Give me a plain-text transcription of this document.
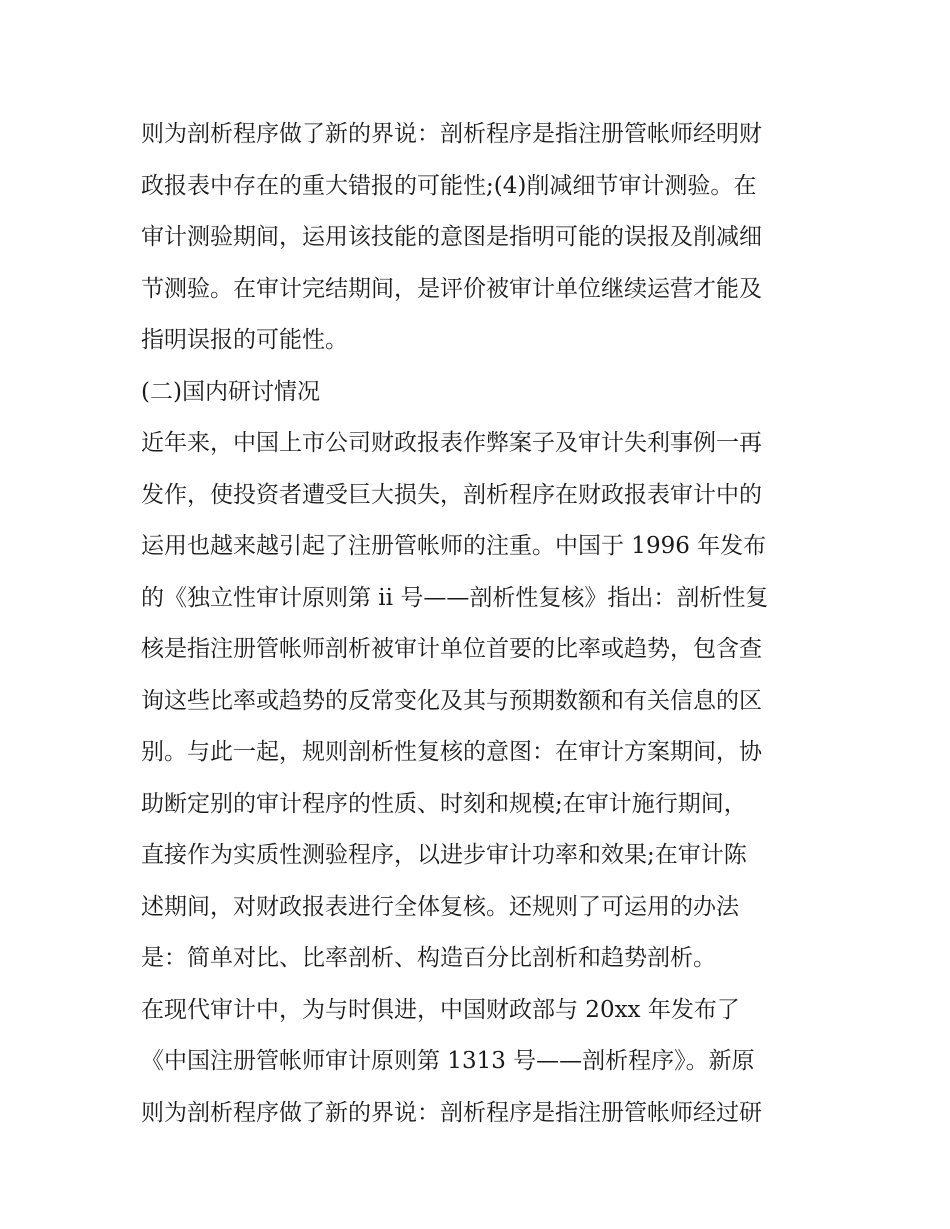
则为剖析程序做了新的界说：剖析程序是指注册管帐师经明财
政报表中存在的重大错报的可能性;(4)削减细节审计测验。在
审计测验期间，运用该技能的意图是指明可能的误报及削减细
节测验。在审计完结期间，是评价被审计单位继续运营才能及
指明误报的可能性。
(二)国内研讨情况
近年来，中国上市公司财政报表作弊案子及审计失利事例一再
发作，使投资者遭受巨大损失，剖析程序在财政报表审计中的
运用也越来越引起了注册管帐师的注重。中国于 1996 年发布
的《独立性审计原则第 ii 号——剖析性复核》指出：剖析性复
核是指注册管帐师剖析被审计单位首要的比率或趋势，包含查
询这些比率或趋势的反常变化及其与预期数额和有关信息的区
别。与此一起，规则剖析性复核的意图：在审计方案期间，协
助断定别的审计程序的性质、时刻和规模;在审计施行期间，
直接作为实质性测验程序，以进步审计功率和效果;在审计陈
述期间，对财政报表进行全体复核。还规则了可运用的办法
是：简单对比、比率剖析、构造百分比剖析和趋势剖析。
在现代审计中，为与时俱进，中国财政部与 20xx 年发布了
《中国注册管帐师审计原则第 1313 号——剖析程序》。新原
则为剖析程序做了新的界说：剖析程序是指注册管帐师经过研
